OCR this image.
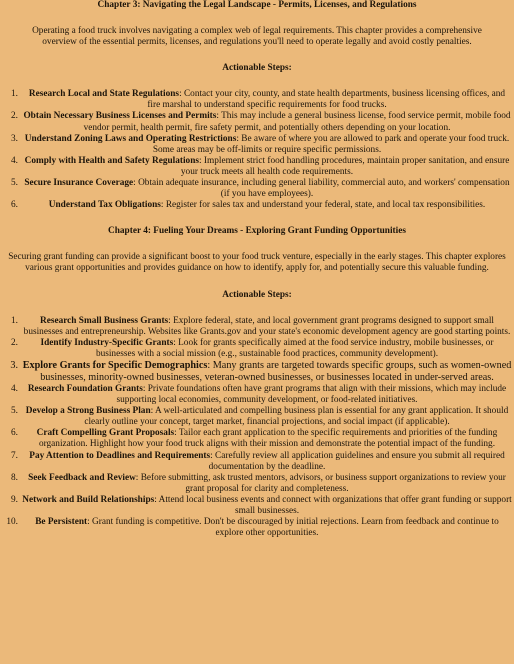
Chapter 3: Navigating the Legal Landscape - Permits, Licenses, and Regulations

Operating a food truck involves navigating a complex web of legal requirements. This chapter provides a comprehensive overview of the essential permits, licenses, and regulations you'll need to operate legally and avoid costly penalties.

Actionable Steps:
1.	Research Local and State Regulations: Contact your city, county, and state health departments, business licensing offices, and fire marshal to understand specific requirements for food trucks.
2. Obtain Necessary Business Licenses and Permits: This may include a general business license, food service permit, mobile food vendor permit, health permit, fire safety permit, and potentially others depending on your location.
3. Understand Zoning Laws and Operating Restrictions: Be aware of where you are allowed to park and operate your food truck. Some areas may be off-limits or require specific permissions.
4. Comply with Health and Safety Regulations: Implement strict food handling procedures, maintain proper sanitation, and ensure your truck meets all health code requirements.
5. Secure Insurance Coverage: Obtain adequate insurance, including general liability, commercial auto, and workers' compensation (if you have employees).
6.	Understand Tax Obligations: Register for sales tax and understand your federal, state, and local tax responsibilities.
Chapter 4: Fueling Your Dreams - Exploring Grant Funding Opportunities

Securing grant funding can provide a significant boost to your food truck venture, especially in the early stages. This chapter explores various grant opportunities and provides guidance on how to identify, apply for, and potentially secure this valuable funding.

Actionable Steps:
1.	Research Small Business Grants: Explore federal, state, and local government grant programs designed to support small businesses and entrepreneurship. Websites like Grants.gov and your state's economic development agency are good starting points.
2.	Identify Industry-Specific Grants: Look for grants specifically aimed at the food service industry, mobile businesses, or businesses with a social mission (e.g., sustainable food practices, community development).
3. Explore Grants for Specific Demographics: Many grants are targeted towards specific groups, such as women-owned businesses, minority-owned businesses, veteran-owned businesses, or businesses located in under-served areas.
4.	Research Foundation Grants: Private foundations often have grant programs that align with their missions, which may include supporting local economies, community development, or food-related initiatives.
5. Develop a Strong Business Plan: A well-articulated and compelling business plan is essential for any grant application. It should clearly outline your concept, target market, financial projections, and social impact (if applicable).
6.	Craft Compelling Grant Proposals: Tailor each grant application to the specific requirements and priorities of the funding organization. Highlight how your food truck aligns with their mission and demonstrate the potential impact of the funding.
7.	Pay Attention to Deadlines and Requirements: Carefully review all application guidelines and ensure you submit all required documentation by the deadline.
8.	Seek Feedback and Review: Before submitting, ask trusted mentors, advisors, or business support organizations to review your grant proposal for clarity and completeness.
9. Network and Build Relationships: Attend local business events and connect with organizations that offer grant funding or support small businesses.
10.	Be Persistent: Grant funding is competitive. Don't be discouraged by initial rejections. Learn from feedback and continue to explore other opportunities.
